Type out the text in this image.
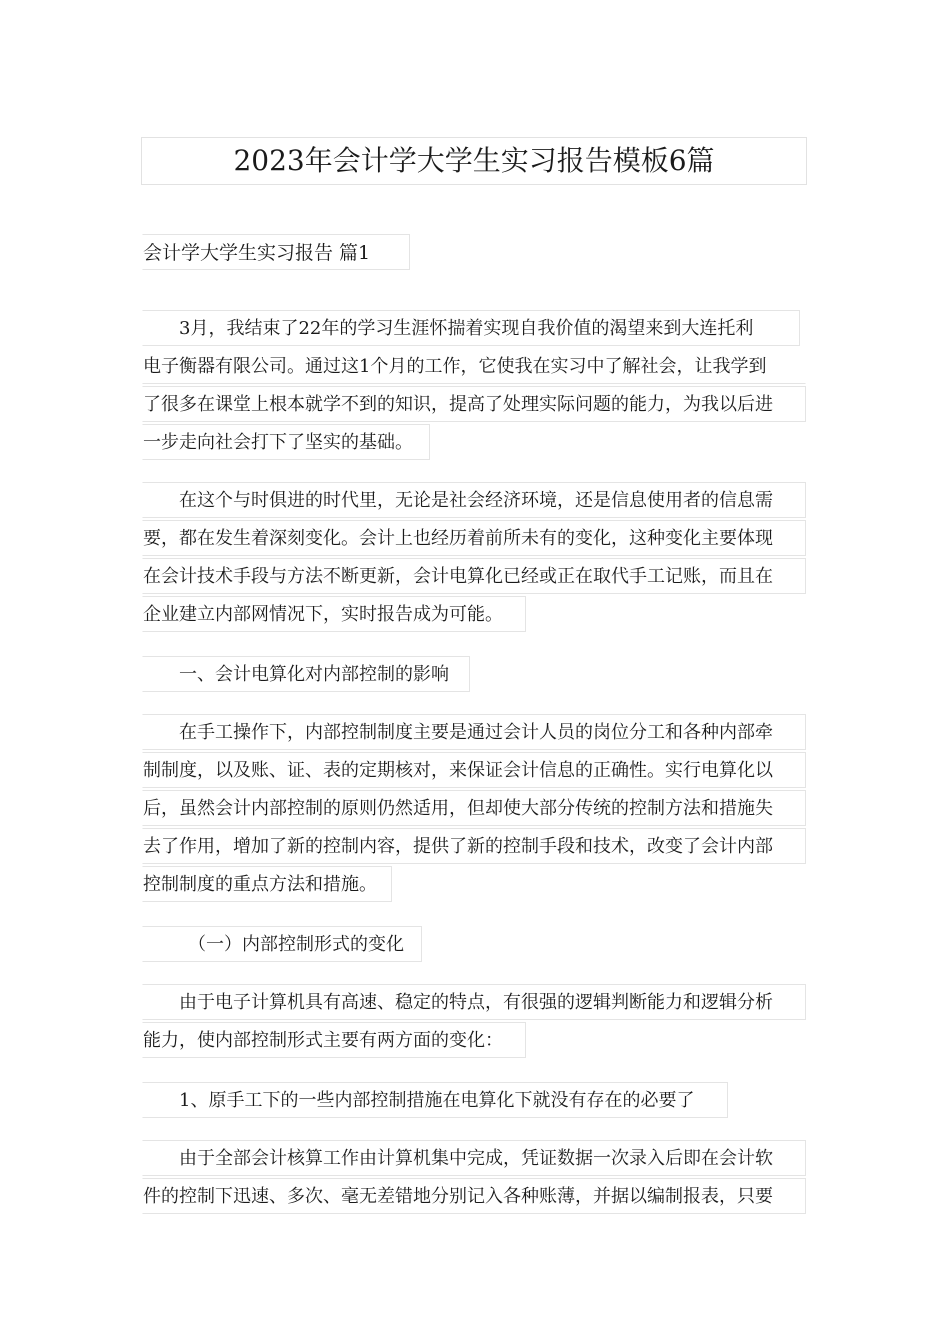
2023年会计学大学生实习报告模板6篇
会计学大学生实习报告 篇1
　　3月，我结束了22年的学习生涯怀揣着实现自我价值的渴望来到大连托利
电子衡器有限公司。通过这1个月的工作，它使我在实习中了解社会，让我学到
了很多在课堂上根本就学不到的知识，提高了处理实际问题的能力，为我以后进
一步走向社会打下了坚实的基础。
　　在这个与时俱进的时代里，无论是社会经济环境，还是信息使用者的信息需
要，都在发生着深刻变化。会计上也经历着前所未有的变化，这种变化主要体现
在会计技术手段与方法不断更新，会计电算化已经或正在取代手工记账，而且在
企业建立内部网情况下，实时报告成为可能。
　　一、会计电算化对内部控制的影响
　　在手工操作下，内部控制制度主要是通过会计人员的岗位分工和各种内部牵
制制度，以及账、证、表的定期核对，来保证会计信息的正确性。实行电算化以
后，虽然会计内部控制的原则仍然适用，但却使大部分传统的控制方法和措施失
去了作用，增加了新的控制内容，提供了新的控制手段和技术，改变了会计内部
控制制度的重点方法和措施。
　　　（一）内部控制形式的变化
　　由于电子计算机具有高速、稳定的特点，有很强的逻辑判断能力和逻辑分析
能力，使内部控制形式主要有两方面的变化：
　　1、原手工下的一些内部控制措施在电算化下就没有存在的必要了
　　由于全部会计核算工作由计算机集中完成，凭证数据一次录入后即在会计软
件的控制下迅速、多次、毫无差错地分别记入各种账薄，并据以编制报表，只要
